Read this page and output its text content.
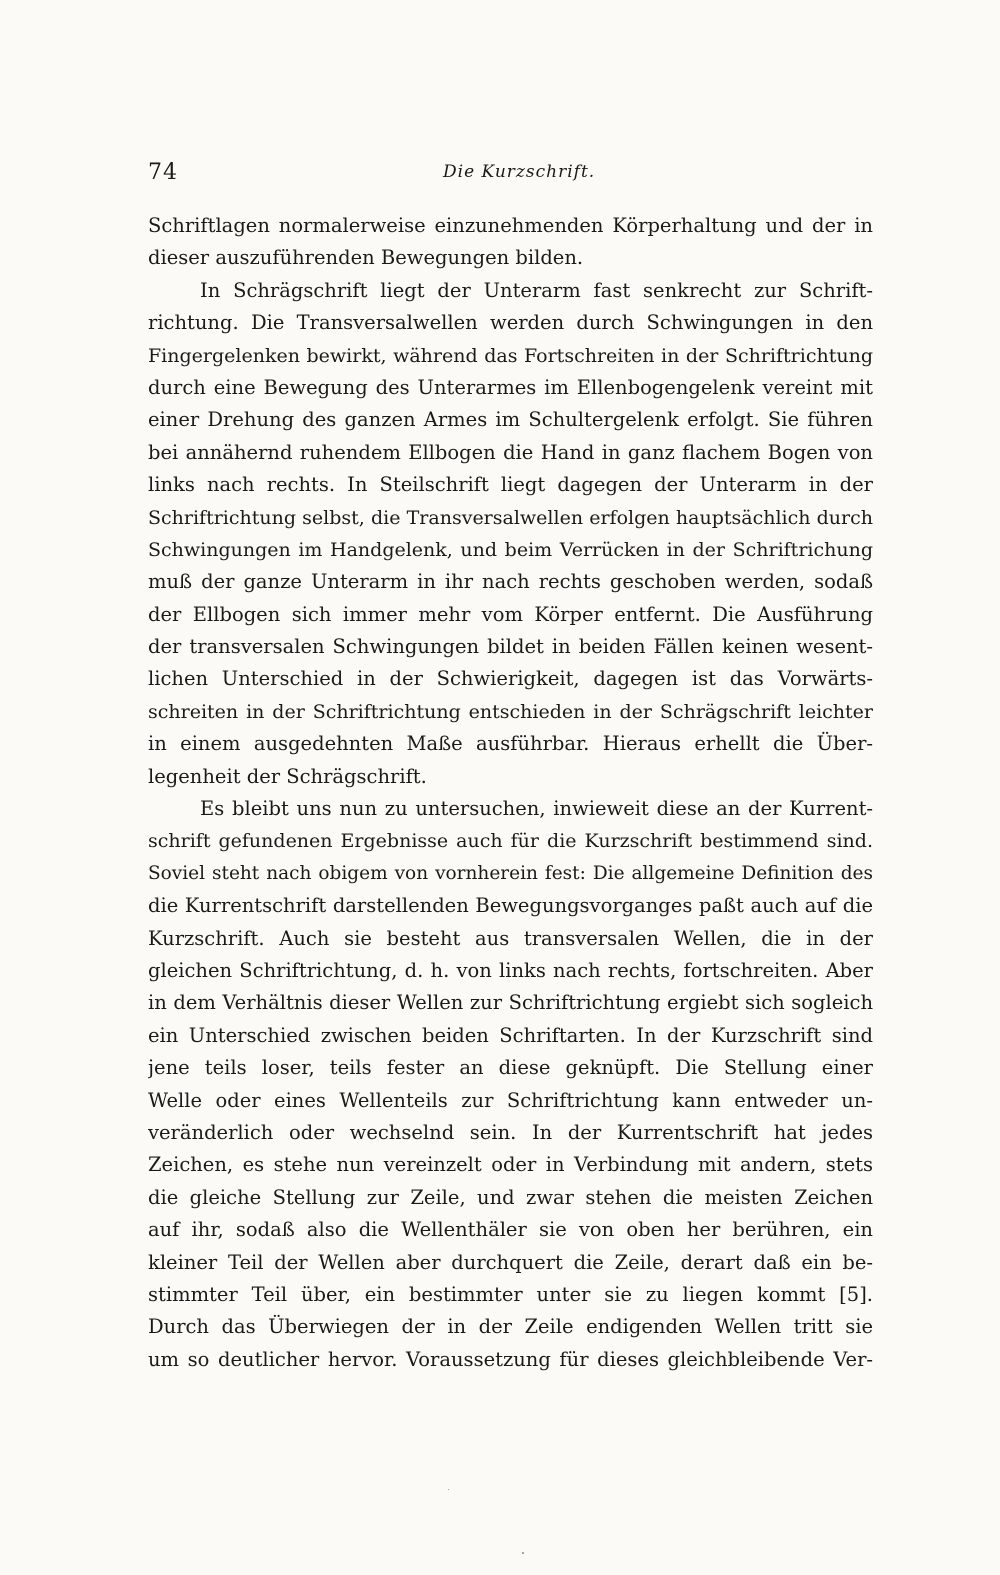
74	Die Kurzschrift.
Schriftlagen normalerweise einzunehmenden Körperhaltung und der in
dieser auszuführenden Bewegungen bilden.
In Schrägschrift liegt der Unterarm fast senkrecht zur Schrift-
richtung. Die Transversalwellen werden durch Schwingungen in den
Fingergelenken bewirkt, während das Fortschreiten in der Schriftrichtung
durch eine Bewegung des Unterarmes im Ellenbogengelenk vereint mit
einer Drehung des ganzen Armes im Schultergelenk erfolgt. Sie führen
bei annähernd ruhendem Ellbogen die Hand in ganz flachem Bogen von
links nach rechts. In Steilschrift liegt dagegen der Unterarm in der
Schriftrichtung selbst, die Transversalwellen erfolgen hauptsächlich durch
Schwingungen im Handgelenk, und beim Verrücken in der Schriftrichung
muß der ganze Unterarm in ihr nach rechts geschoben werden, sodaß
der Ellbogen sich immer mehr vom Körper entfernt. Die Ausführung
der transversalen Schwingungen bildet in beiden Fällen keinen wesent-
lichen Unterschied in der Schwierigkeit, dagegen ist das Vorwärts-
schreiten in der Schriftrichtung entschieden in der Schrägschrift leichter
in einem ausgedehnten Maße ausführbar. Hieraus erhellt die Über-
legenheit der Schrägschrift.
Es bleibt uns nun zu untersuchen, inwieweit diese an der Kurrent-
schrift gefundenen Ergebnisse auch für die Kurzschrift bestimmend sind.
Soviel steht nach obigem von vornherein fest: Die allgemeine Definition des
die Kurrentschrift darstellenden Bewegungsvorganges paßt auch auf die
Kurzschrift. Auch sie besteht aus transversalen Wellen, die in der
gleichen Schriftrichtung, d. h. von links nach rechts, fortschreiten. Aber
in dem Verhältnis dieser Wellen zur Schriftrichtung ergiebt sich sogleich
ein Unterschied zwischen beiden Schriftarten. In der Kurzschrift sind
jene teils loser, teils fester an diese geknüpft. Die Stellung einer
Welle oder eines Wellenteils zur Schriftrichtung kann entweder un-
veränderlich oder wechselnd sein. In der Kurrentschrift hat jedes
Zeichen, es stehe nun vereinzelt oder in Verbindung mit andern, stets
die gleiche Stellung zur Zeile, und zwar stehen die meisten Zeichen
auf ihr, sodaß also die Wellenthäler sie von oben her berühren, ein
kleiner Teil der Wellen aber durchquert die Zeile, derart daß ein be-
stimmter Teil über, ein bestimmter unter sie zu liegen kommt [5].
Durch das Überwiegen der in der Zeile endigenden Wellen tritt sie
um so deutlicher hervor. Voraussetzung für dieses gleichbleibende Ver-
